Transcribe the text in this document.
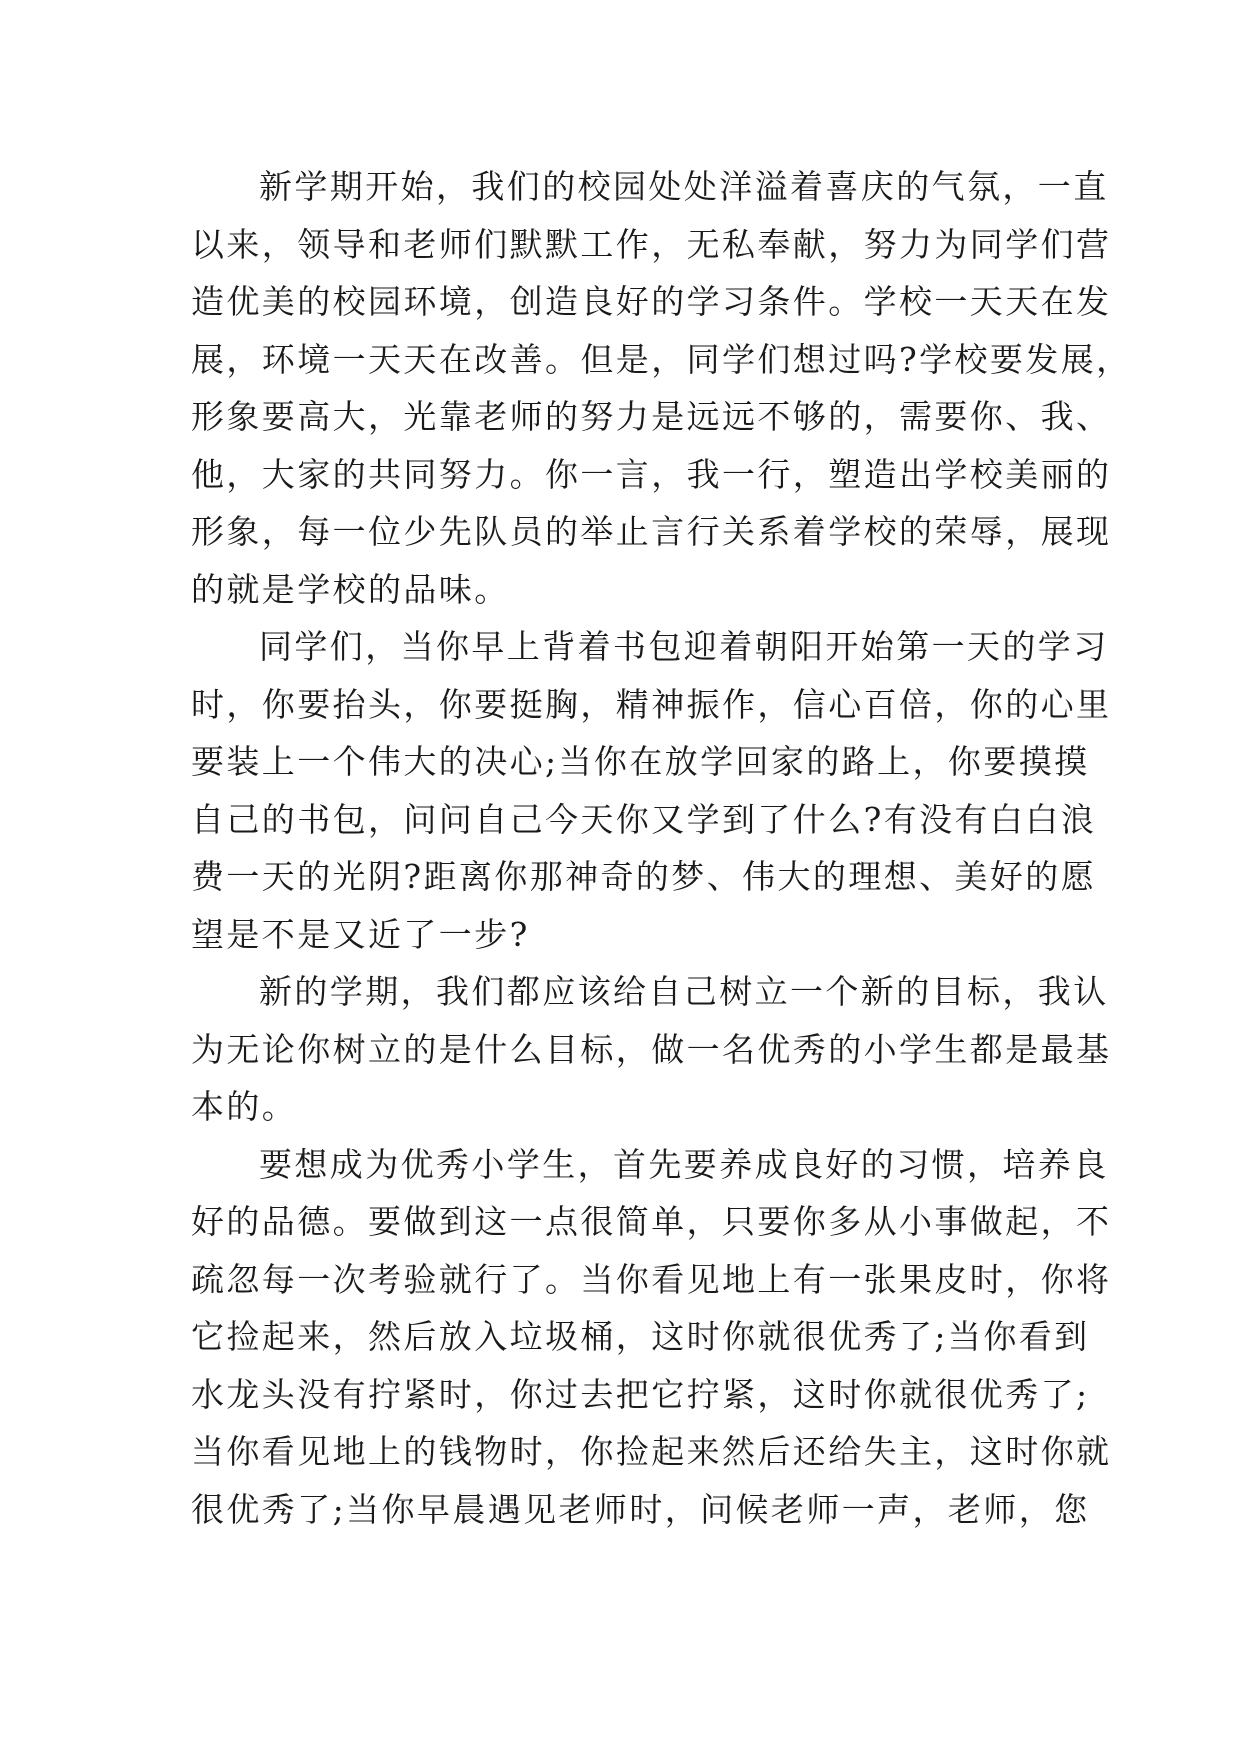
新学期开始，我们的校园处处洋溢着喜庆的气氛，一直
以来，领导和老师们默默工作，无私奉献，努力为同学们营
造优美的校园环境，创造良好的学习条件。学校一天天在发
展，环境一天天在改善。但是，同学们想过吗?学校要发展，
形象要高大，光靠老师的努力是远远不够的，需要你、我、
他，大家的共同努力。你一言，我一行，塑造出学校美丽的
形象，每一位少先队员的举止言行关系着学校的荣辱，展现
的就是学校的品味。
同学们，当你早上背着书包迎着朝阳开始第一天的学习
时，你要抬头，你要挺胸，精神振作，信心百倍，你的心里
要装上一个伟大的决心;当你在放学回家的路上，你要摸摸
自己的书包，问问自己今天你又学到了什么?有没有白白浪
费一天的光阴?距离你那神奇的梦、伟大的理想、美好的愿
望是不是又近了一步?
新的学期，我们都应该给自己树立一个新的目标，我认
为无论你树立的是什么目标，做一名优秀的小学生都是最基
本的。
要想成为优秀小学生，首先要养成良好的习惯，培养良
好的品德。要做到这一点很简单，只要你多从小事做起，不
疏忽每一次考验就行了。当你看见地上有一张果皮时，你将
它捡起来，然后放入垃圾桶，这时你就很优秀了;当你看到
水龙头没有拧紧时，你过去把它拧紧，这时你就很优秀了;
当你看见地上的钱物时，你捡起来然后还给失主，这时你就
很优秀了;当你早晨遇见老师时，问候老师一声，老师，您
